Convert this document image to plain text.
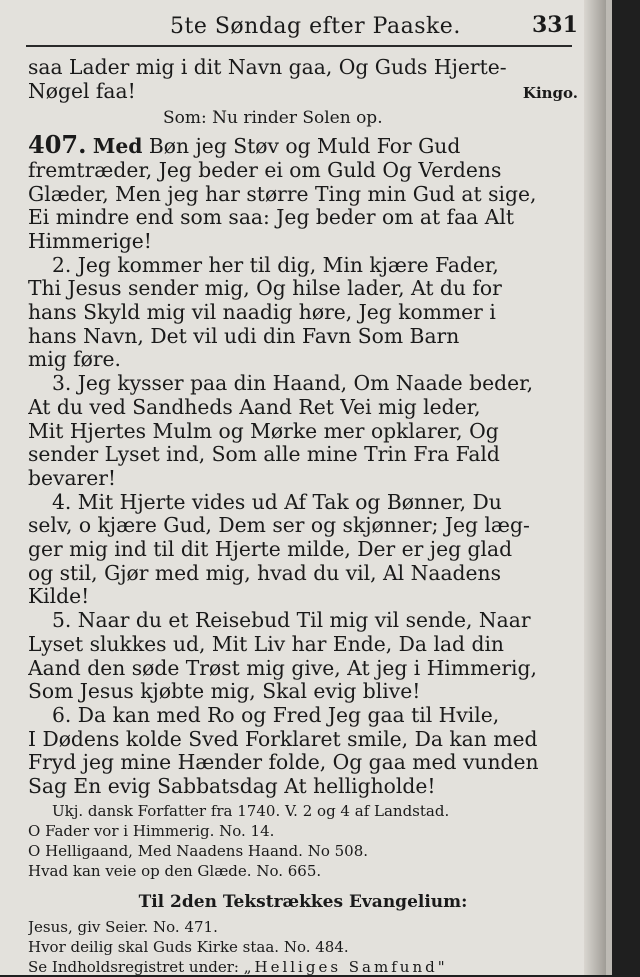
5te Søndag efter Paaske.	331
saa Lader mig i dit Navn gaa, Og Guds Hjerte-
Nøgel faa!	Kingo.
Som: Nu rinder Solen op.
407. Med Bøn jeg Støv og Muld For Gud
fremtræder, Jeg beder ei om Guld Og Verdens
Glæder, Men jeg har større Ting min Gud at sige,
Ei mindre end som saa: Jeg beder om at faa Alt
Himmerige!
2. Jeg kommer her til dig, Min kjære Fader,
Thi Jesus sender mig, Og hilse lader, At du for
hans Skyld mig vil naadig høre, Jeg kommer i
hans Navn, Det vil udi din Favn Som Barn
mig føre.
3. Jeg kysser paa din Haand, Om Naade beder,
At du ved Sandheds Aand Ret Vei mig leder,
Mit Hjertes Mulm og Mørke mer opklarer, Og
sender Lyset ind, Som alle mine Trin Fra Fald
bevarer!
4. Mit Hjerte vides ud Af Tak og Bønner, Du
selv, o kjære Gud, Dem ser og skjønner; Jeg læg-
ger mig ind til dit Hjerte milde, Der er jeg glad
og stil, Gjør med mig, hvad du vil, Al Naadens
Kilde!
5. Naar du et Reisebud Til mig vil sende, Naar
Lyset slukkes ud, Mit Liv har Ende, Da lad din
Aand den søde Trøst mig give, At jeg i Himmerig,
Som Jesus kjøbte mig, Skal evig blive!
6. Da kan med Ro og Fred Jeg gaa til Hvile,
I Dødens kolde Sved Forklaret smile, Da kan med
Fryd jeg mine Hænder folde, Og gaa med vunden
Sag En evig Sabbatsdag At helligholde!
Ukj. dansk Forfatter fra 1740. V. 2 og 4 af Landstad.
O Fader vor i Himmerig. No. 14.
O Helligaand, Med Naadens Haand. No 508.
Hvad kan veie op den Glæde. No. 665.
Til 2den Tekstrækkes Evangelium:
Jesus, giv Seier. No. 471.
Hvor deilig skal Guds Kirke staa. No. 484.
Se Indholdsregistret under: „Helliges Samfund"
